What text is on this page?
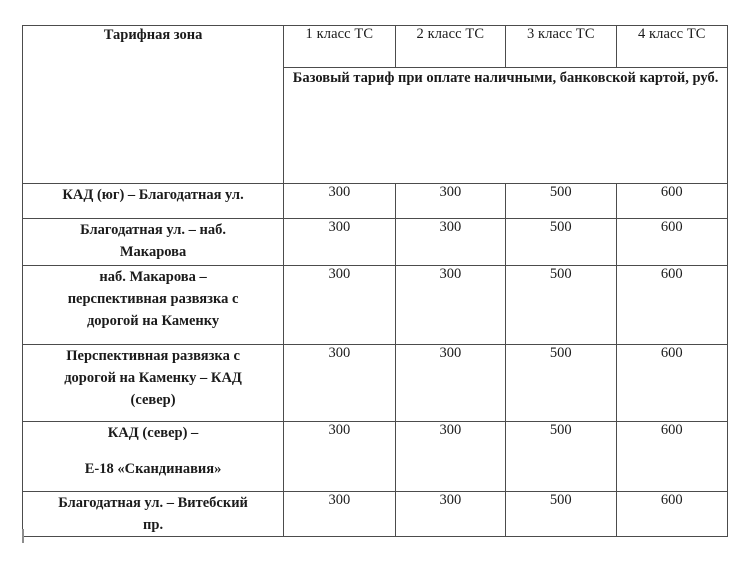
Тарифная зона	1 класс ТС	2 класс ТС	3 класс ТС	4 класс ТС
	Базовый тариф при оплате наличными, банковской картой, руб.			

КАД (юг) – Благодатная ул.	300	300	500	600

Благодатная ул. – наб.
Макарова	300	300	500	600

наб. Макарова –
перспективная развязка с
дорогой на Каменку	300	300	500	600

Перспективная развязка с
дорогой на Каменку – КАД
(север)	300	300	500	600

КАД (север) –
Е-18 «Скандинавия»	300	300	500	600

Благодатная ул. – Витебский
пр.	300	300	500	600
